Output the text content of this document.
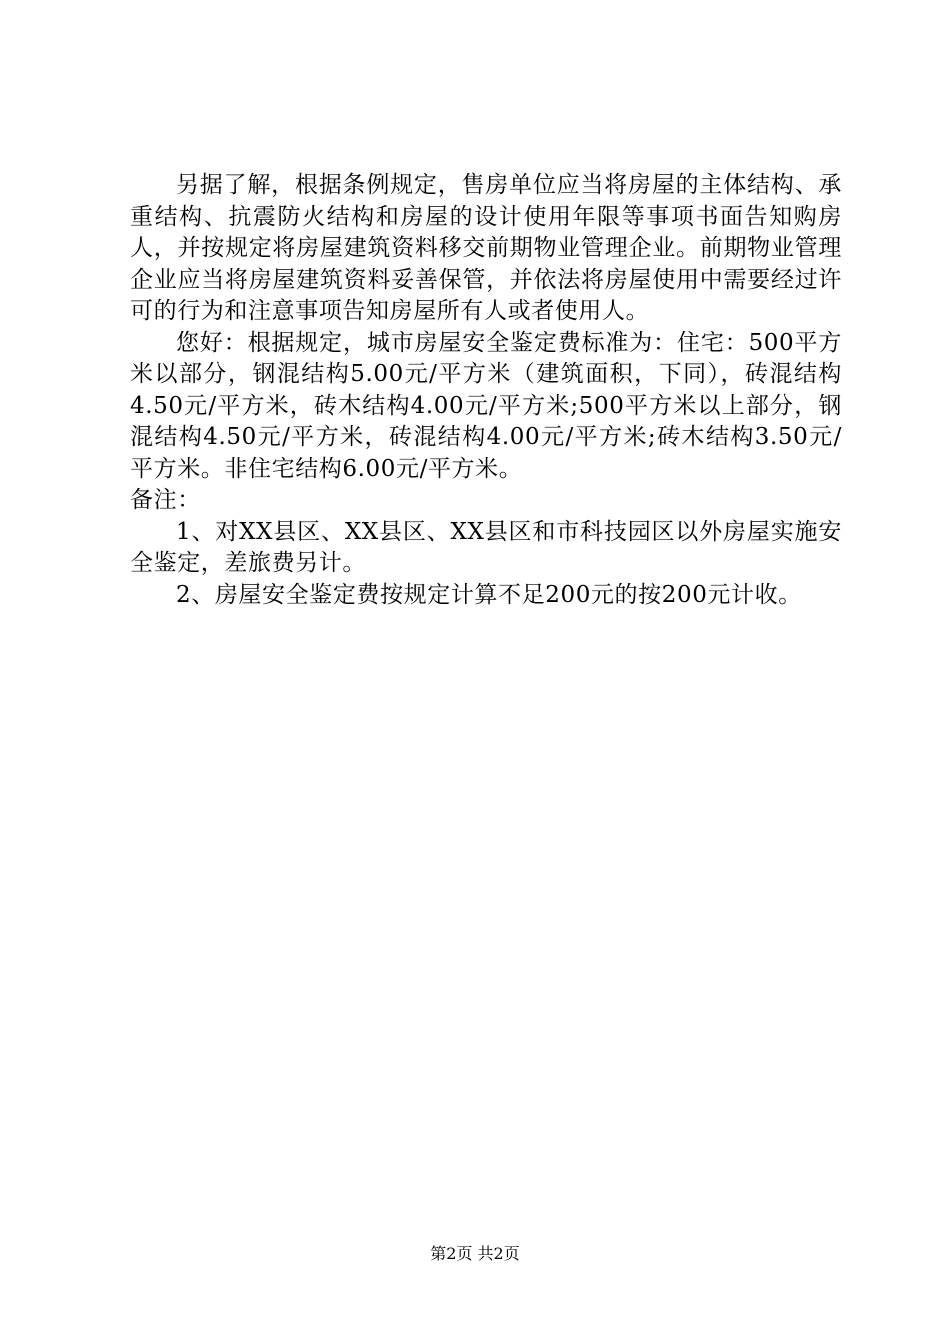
另据了解，根据条例规定，售房单位应当将房屋的主体结构、承重结构、抗震防火结构和房屋的设计使用年限等事项书面告知购房人，并按规定将房屋建筑资料移交前期物业管理企业。前期物业管理企业应当将房屋建筑资料妥善保管，并依法将房屋使用中需要经过许可的行为和注意事项告知房屋所有人或者使用人。

您好：根据规定，城市房屋安全鉴定费标准为：住宅：500平方米以部分，钢混结构5.00元/平方米（建筑面积，下同），砖混结构4.50元/平方米，砖木结构4.00元/平方米;500平方米以上部分，钢混结构4.50元/平方米，砖混结构4.00元/平方米;砖木结构3.50元/平方米。非住宅结构6.00元/平方米。

备注：

1、对XX县区、XX县区、XX县区和市科技园区以外房屋实施安全鉴定，差旅费另计。

2、房屋安全鉴定费按规定计算不足200元的按200元计收。

第2页 共2页
